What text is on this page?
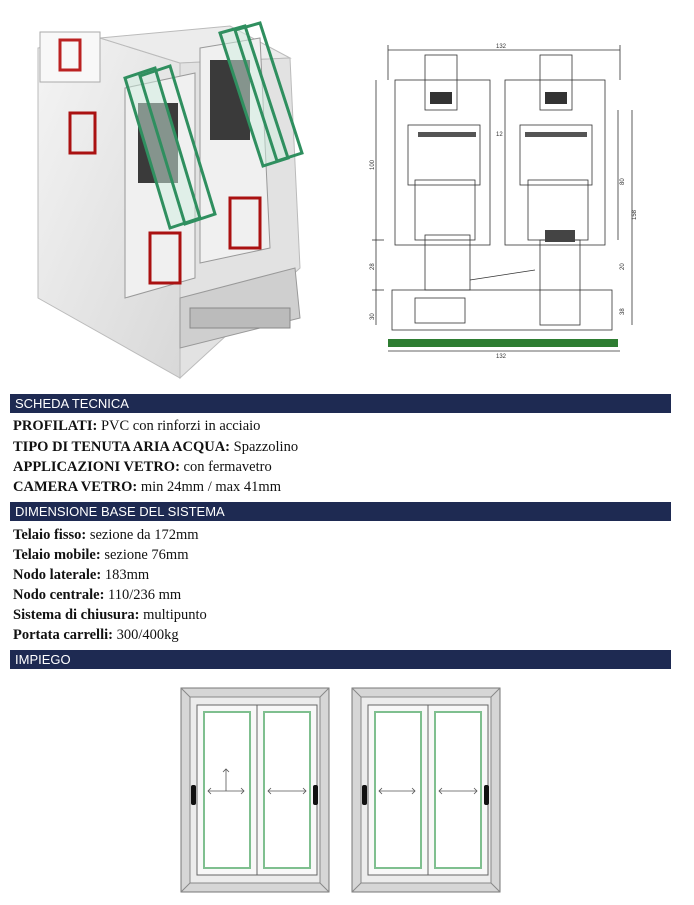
132
132
100
28
30
12
80
158
20
38
SCHEDA TECNICA
PROFILATI: PVC con rinforzi in acciaio
TIPO DI TENUTA ARIA ACQUA: Spazzolino
APPLICAZIONI VETRO: con fermavetro
CAMERA VETRO: min 24mm / max 41mm
DIMENSIONE BASE DEL SISTEMA
Telaio fisso: sezione da 172mm
Telaio mobile: sezione 76mm
Nodo laterale: 183mm
Nodo centrale: 110/236 mm
Sistema di chiusura: multipunto
Portata carrelli: 300/400kg
IMPIEGO
